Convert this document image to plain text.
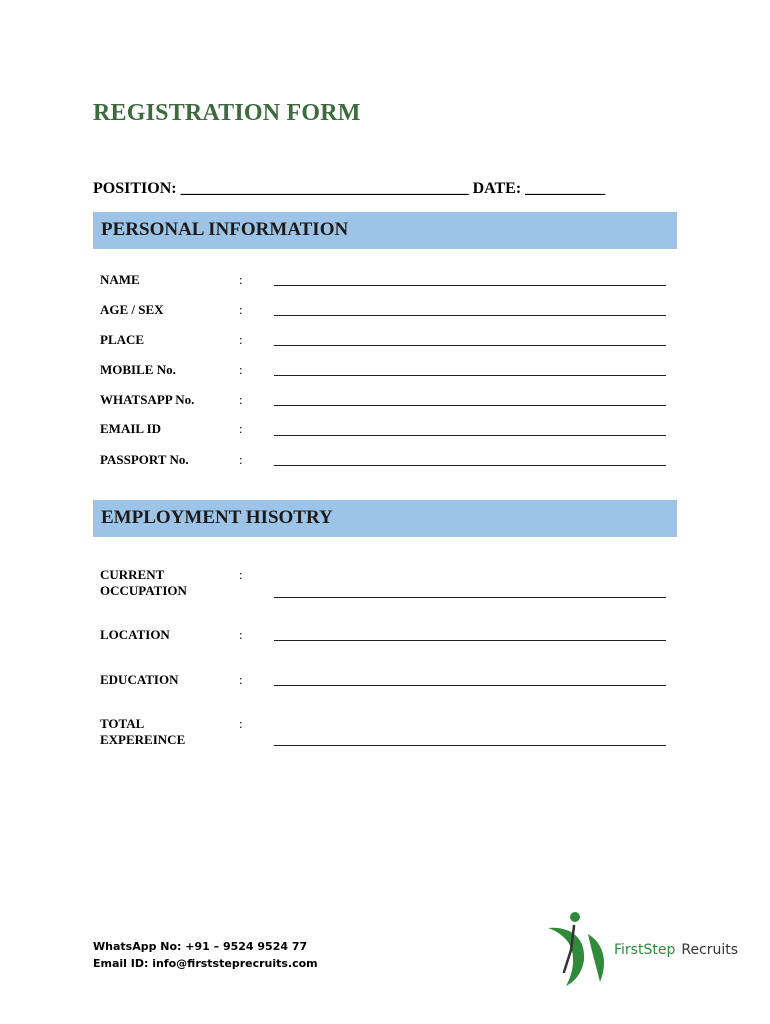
REGISTRATION FORM
POSITION: ____________________________________ DATE: __________
PERSONAL INFORMATION
NAME	:
AGE / SEX	:
PLACE	:
MOBILE No.	:
WHATSAPP No.	:
EMAIL ID	:
PASSPORT No.	:
EMPLOYMENT HISOTRY
CURRENT
OCCUPATION
:
LOCATION	:
EDUCATION	:
TOTAL
EXPEREINCE
:
WhatsApp No: +91 – 9524 9524 77
Email ID: info@firststeprecruits.com
FirstStep Recruits
